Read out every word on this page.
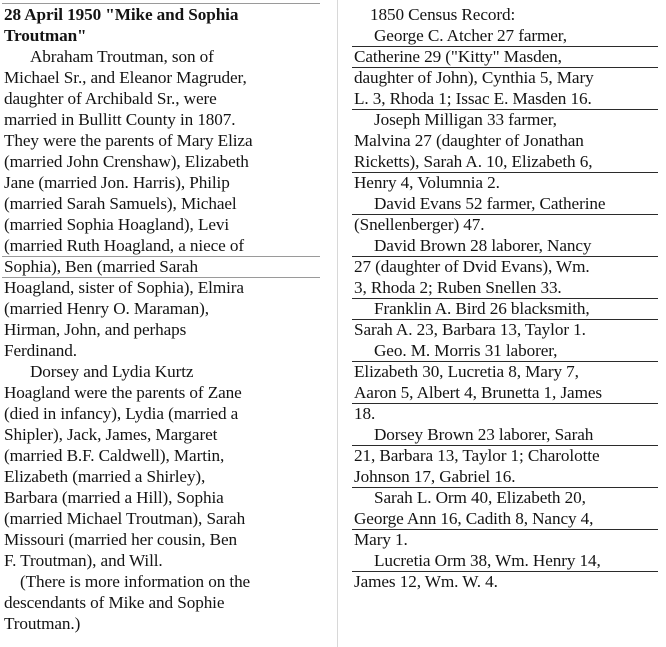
28 April 1950 "Mike and Sophia
Troutman"
Abraham Troutman, son of
Michael Sr., and Eleanor Magruder,
daughter of Archibald Sr., were
married in Bullitt County in 1807.
They were the parents of Mary Eliza
(married John Crenshaw), Elizabeth
Jane (married Jon. Harris), Philip
(married Sarah Samuels), Michael
(married Sophia Hoagland), Levi
(married Ruth Hoagland, a niece of
Sophia), Ben (married Sarah
Hoagland, sister of Sophia), Elmira
(married Henry O. Maraman),
Hirman, John, and perhaps
Ferdinand.
Dorsey and Lydia Kurtz
Hoagland were the parents of Zane
(died in infancy), Lydia (married a
Shipler), Jack, James, Margaret
(married B.F. Caldwell), Martin,
Elizabeth (married a Shirley),
Barbara (married a Hill), Sophia
(married Michael Troutman), Sarah
Missouri (married her cousin, Ben
F. Troutman), and Will.
(There is more information on the
descendants of Mike and Sophie
Troutman.)
1850 Census Record:
George C. Atcher 27 farmer,
Catherine 29 ("Kitty" Masden,
daughter of John), Cynthia 5, Mary
L. 3, Rhoda 1; Issac E. Masden 16.
Joseph Milligan 33 farmer,
Malvina 27 (daughter of Jonathan
Ricketts), Sarah A. 10, Elizabeth 6,
Henry 4, Volumnia 2.
David Evans 52 farmer, Catherine
(Snellenberger) 47.
David Brown 28 laborer, Nancy
27 (daughter of Dvid Evans), Wm.
3, Rhoda 2; Ruben Snellen 33.
Franklin A. Bird 26 blacksmith,
Sarah A. 23, Barbara 13, Taylor 1.
Geo. M. Morris 31 laborer,
Elizabeth 30, Lucretia 8, Mary 7,
Aaron 5, Albert 4, Brunetta 1, James
18.
Dorsey Brown 23 laborer, Sarah
21, Barbara 13, Taylor 1; Charolotte
Johnson 17, Gabriel 16.
Sarah L. Orm 40, Elizabeth 20,
George Ann 16, Cadith 8, Nancy 4,
Mary 1.
Lucretia Orm 38, Wm. Henry 14,
James 12, Wm. W. 4.
